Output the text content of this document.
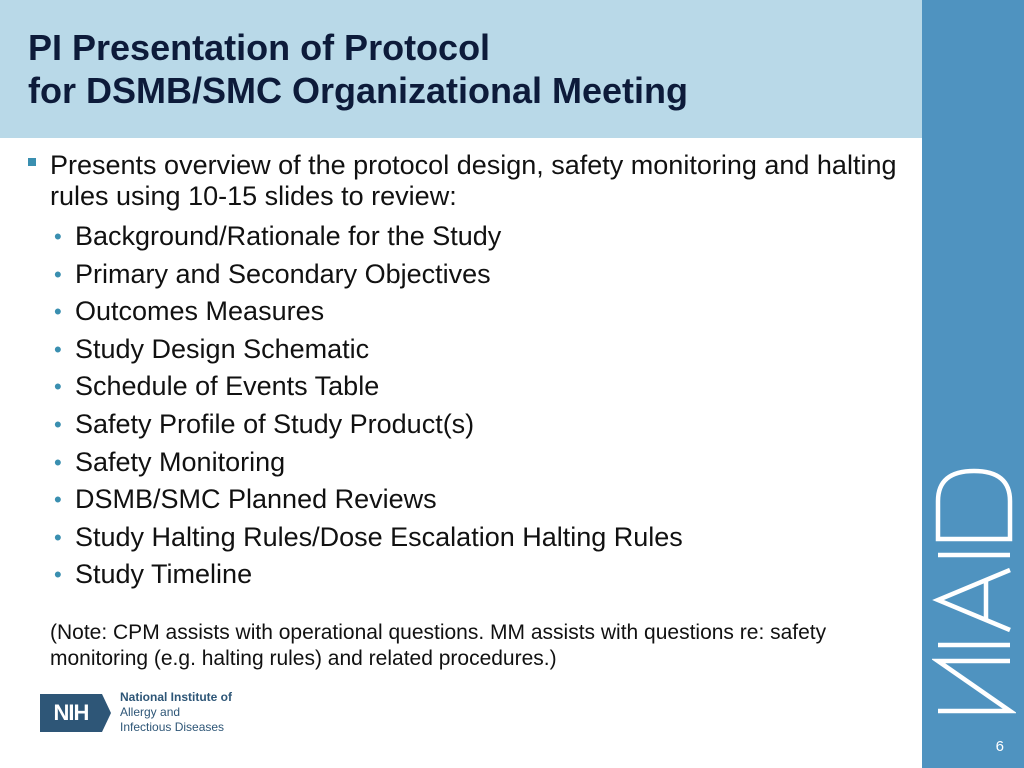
PI Presentation of Protocol
for DSMB/SMC Organizational Meeting
6
Presents overview of the protocol design, safety monitoring and halting rules using 10-15 slides to review:
• Background/Rationale for the Study
• Primary and Secondary Objectives
• Outcomes Measures
• Study Design Schematic
• Schedule of Events Table
• Safety Profile of Study Product(s)
• Safety Monitoring
• DSMB/SMC Planned Reviews
• Study Halting Rules/Dose Escalation Halting Rules
• Study Timeline

(Note: CPM assists with operational questions. MM assists with questions re: safety monitoring (e.g. halting rules) and related procedures.)

NIH
National Institute of
Allergy and
Infectious Diseases
